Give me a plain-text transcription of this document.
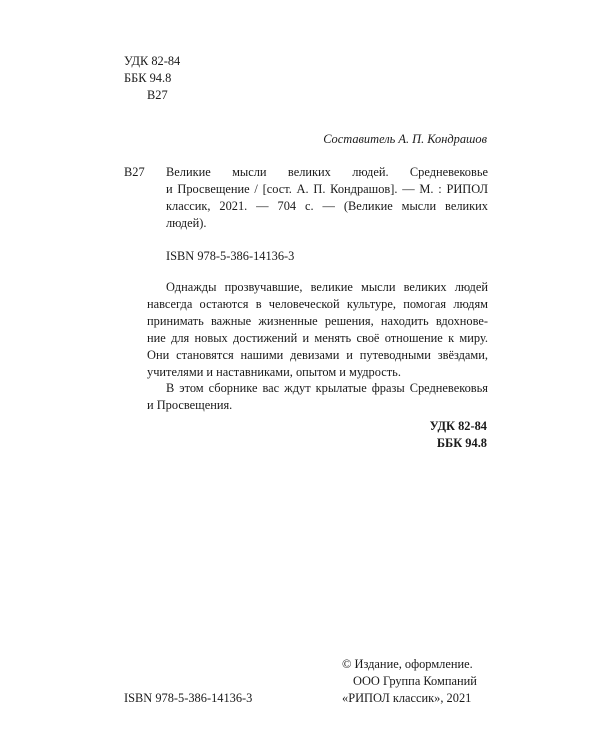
УДК 82-84
ББК 94.8
В27
Составитель А. П. Кондрашов
В27 Великие мысли великих людей. Средневековье
и Просвещение / [сост. А. П. Кондрашов]. — М. : РИПОЛ
классик, 2021. — 704 с. — (Великие мысли великих
людей).
ISBN 978-5-386-14136-3
Однажды прозвучавшие, великие мысли великих людей
навсегда остаются в человеческой культуре, помогая людям
принимать важные жизненные решения, находить вдохнове-
ние для новых достижений и менять своё отношение к миру.
Они становятся нашими девизами и путеводными звёздами,
учителями и наставниками, опытом и мудрость.
В этом сборнике вас ждут крылатые фразы Средневековья
и Просвещения.
УДК 82-84
ББК 94.8
© Издание, оформление.
ООО Группа Компаний
«РИПОЛ классик», 2021
ISBN 978-5-386-14136-3
